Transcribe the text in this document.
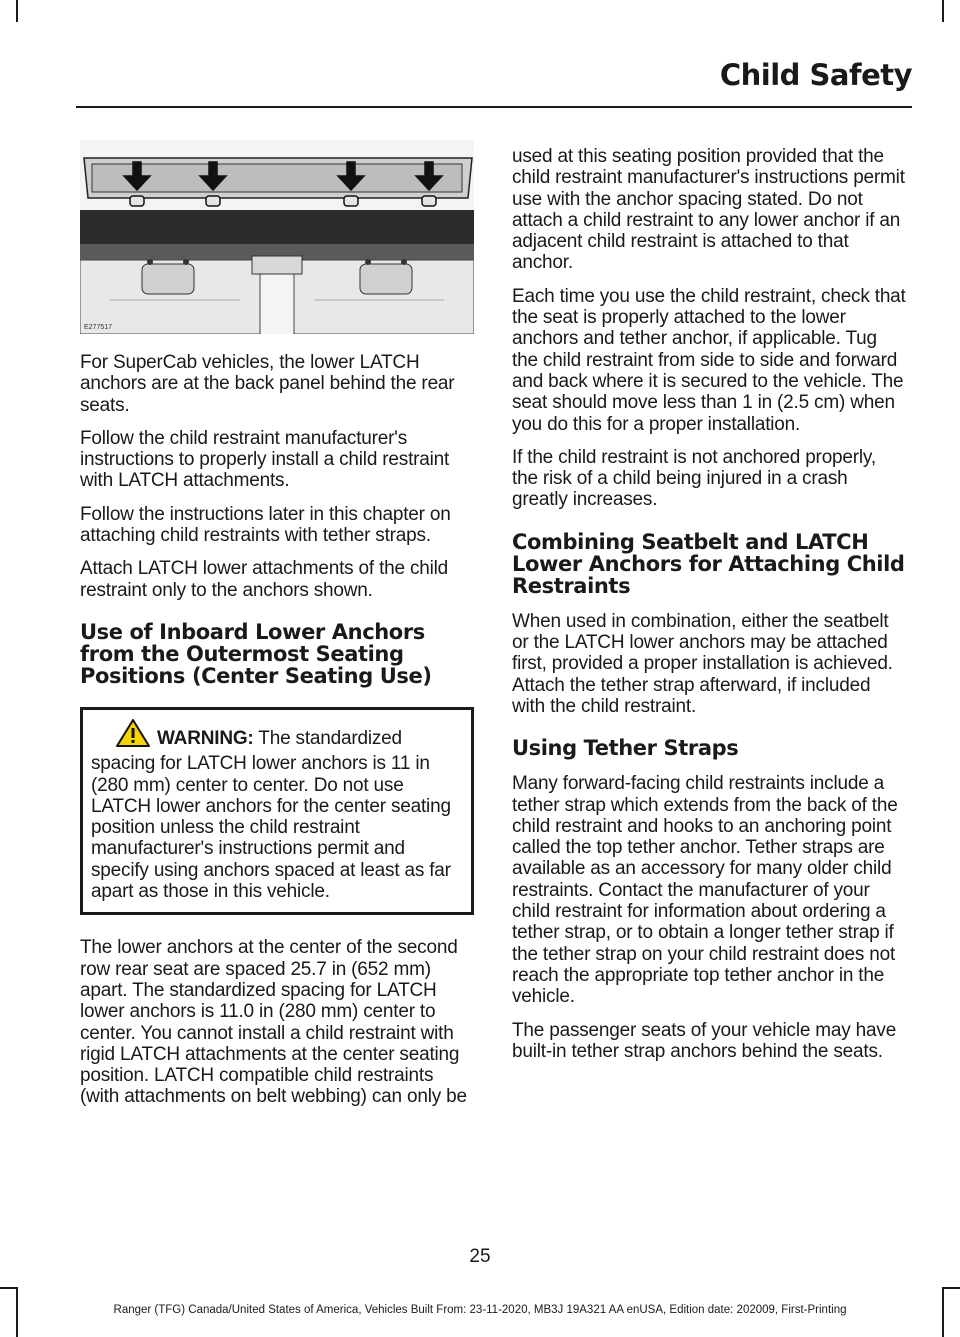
Child Safety
E277517

For SuperCab vehicles, the lower LATCH anchors are at the back panel behind the rear seats.

Follow the child restraint manufacturer's instructions to properly install a child restraint with LATCH attachments.

Follow the instructions later in this chapter on attaching child restraints with tether straps.

Attach LATCH lower attachments of the child restraint only to the anchors shown.

Use of Inboard Lower Anchors from the Outermost Seating Positions (Center Seating Use)

WARNING: The standardized spacing for LATCH lower anchors is 11 in (280 mm) center to center. Do not use LATCH lower anchors for the center seating position unless the child restraint manufacturer's instructions permit and specify using anchors spaced at least as far apart as those in this vehicle.

The lower anchors at the center of the second row rear seat are spaced 25.7 in (652 mm) apart. The standardized spacing for LATCH lower anchors is 11.0 in (280 mm) center to center. You cannot install a child restraint with rigid LATCH attachments at the center seating position. LATCH compatible child restraints (with attachments on belt webbing) can only be

used at this seating position provided that the child restraint manufacturer's instructions permit use with the anchor spacing stated. Do not attach a child restraint to any lower anchor if an adjacent child restraint is attached to that anchor.

Each time you use the child restraint, check that the seat is properly attached to the lower anchors and tether anchor, if applicable. Tug the child restraint from side to side and forward and back where it is secured to the vehicle. The seat should move less than 1 in (2.5 cm) when you do this for a proper installation.

If the child restraint is not anchored properly, the risk of a child being injured in a crash greatly increases.

Combining Seatbelt and LATCH Lower Anchors for Attaching Child Restraints

When used in combination, either the seatbelt or the LATCH lower anchors may be attached first, provided a proper installation is achieved. Attach the tether strap afterward, if included with the child restraint.

Using Tether Straps

Many forward-facing child restraints include a tether strap which extends from the back of the child restraint and hooks to an anchoring point called the top tether anchor. Tether straps are available as an accessory for many older child restraints. Contact the manufacturer of your child restraint for information about ordering a tether strap, or to obtain a longer tether strap if the tether strap on your child restraint does not reach the appropriate top tether anchor in the vehicle.

The passenger seats of your vehicle may have built-in tether strap anchors behind the seats.

25
Ranger (TFG) Canada/United States of America, Vehicles Built From: 23-11-2020, MB3J 19A321 AA enUSA, Edition date: 202009, First-Printing
